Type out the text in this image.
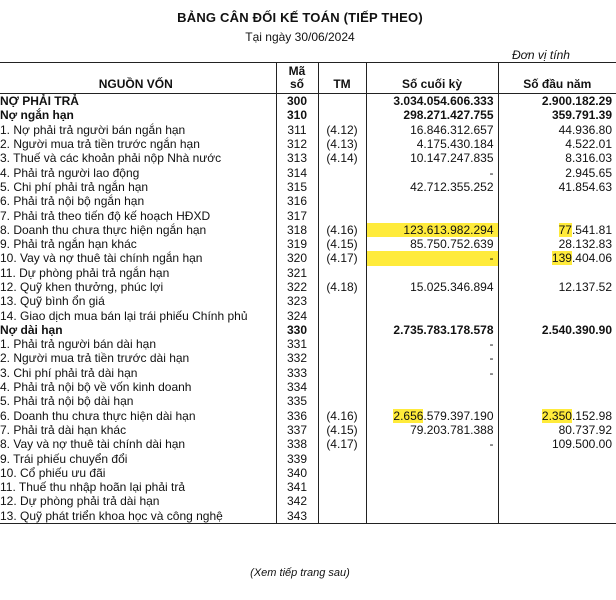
BẢNG CÂN ĐỐI KẾ TOÁN (TIẾP THEO)
Tại ngày 30/06/2024
Đơn vị tính
NGUỒN VỐN	Mã số	TM	Số cuối kỳ	Số đầu năm
NỢ PHẢI TRẢ	300		3.034.054.606.333	2.900.182.29
Nợ ngắn hạn	310		298.271.427.755	359.791.39
1. Nợ phải trả người bán ngắn hạn	311	(4.12)	16.846.312.657	44.936.80
2. Người mua trả tiền trước ngắn hạn	312	(4.13)	4.175.430.184	4.522.01
3. Thuế và các khoản phải nộp Nhà nước	313	(4.14)	10.147.247.835	8.316.03
4. Phải trả người lao động	314		-	2.945.65
5. Chi phí phải trả ngắn hạn	315		42.712.355.252	41.854.63
6. Phải trả nội bộ ngắn hạn	316			
7. Phải trả theo tiến độ kế hoạch HĐXD	317			
8. Doanh thu chưa thực hiện ngắn hạn	318	(4.16)	123.613.982.294	77.541.81
9. Phải trả ngắn hạn khác	319	(4.15)	85.750.752.639	28.132.83
10. Vay và nợ thuê tài chính ngắn hạn	320	(4.17)	-	139.404.06
11. Dự phòng phải trả ngắn hạn	321			
12. Quỹ khen thưởng, phúc lợi	322	(4.18)	15.025.346.894	12.137.52
13. Quỹ bình ổn giá	323			
14. Giao dịch mua bán lại trái phiếu Chính phủ	324			
Nợ dài hạn	330		2.735.783.178.578	2.540.390.90
1. Phải trả người bán dài hạn	331		-	
2. Người mua trả tiền trước dài hạn	332		-	
3. Chi phí phải trả dài hạn	333		-	
4. Phải trả nội bộ về vốn kinh doanh	334			
5. Phải trả nội bộ dài hạn	335			
6. Doanh thu chưa thực hiện dài hạn	336	(4.16)	2.656.579.397.190	2.350.152.98
7. Phải trả dài hạn khác	337	(4.15)	79.203.781.388	80.737.92
8. Vay và nợ thuê tài chính dài hạn	338	(4.17)	-	109.500.00
9. Trái phiếu chuyển đổi	339			
10. Cổ phiếu ưu đãi	340			
11. Thuế thu nhập hoãn lại phải trả	341			
12. Dự phòng phải trả dài hạn	342			
13. Quỹ phát triển khoa học và công nghệ	343			
(Xem tiếp trang sau)
